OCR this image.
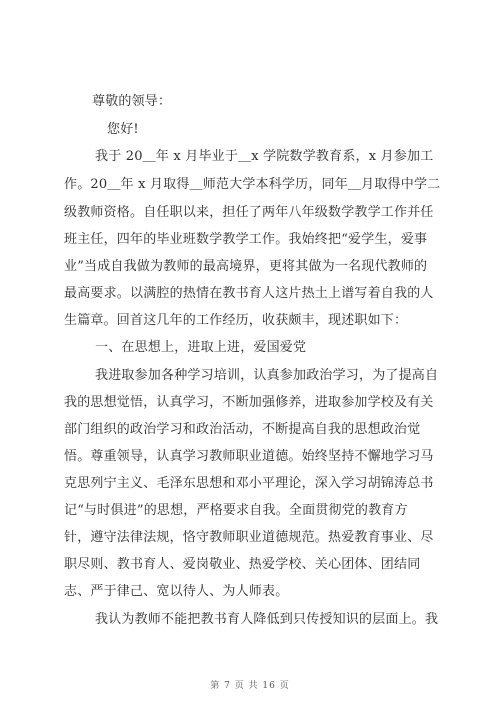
尊敬的领导：
您好!
我于 20＿年 x 月毕业于＿x 学院数学教育系，x 月参加工
作。20＿年 x 月取得＿师范大学本科学历，同年＿月取得中学二
级教师资格。自任职以来，担任了两年八年级数学教学工作并任
班主任，四年的毕业班数学教学工作。我始终把“爱学生，爱事
业”当成自我做为教师的最高境界，更将其做为一名现代教师的
最高要求。以满腔的热情在教书育人这片热土上谱写着自我的人
生篇章。回首这几年的工作经历，收获颇丰，现述职如下：
一、在思想上，进取上进，爱国爱党
我进取参加各种学习培训，认真参加政治学习，为了提高自
我的思想觉悟，认真学习，不断加强修养，进取参加学校及有关
部门组织的政治学习和政治活动，不断提高自我的思想政治觉
悟。尊重领导，认真学习教师职业道德。始终坚持不懈地学习马
克思列宁主义、毛泽东思想和邓小平理论，深入学习胡锦涛总书
记“与时俱进”的思想，严格要求自我。全面贯彻党的教育方
针，遵守法律法规，恪守教师职业道德规范。热爱教育事业、尽
职尽则、教书育人、爱岗敬业、热爱学校、关心团体、团结同
志、严于律己、宽以待人、为人师表。
我认为教师不能把教书育人降低到只传授知识的层面上。我
第 7 页 共 16 页
